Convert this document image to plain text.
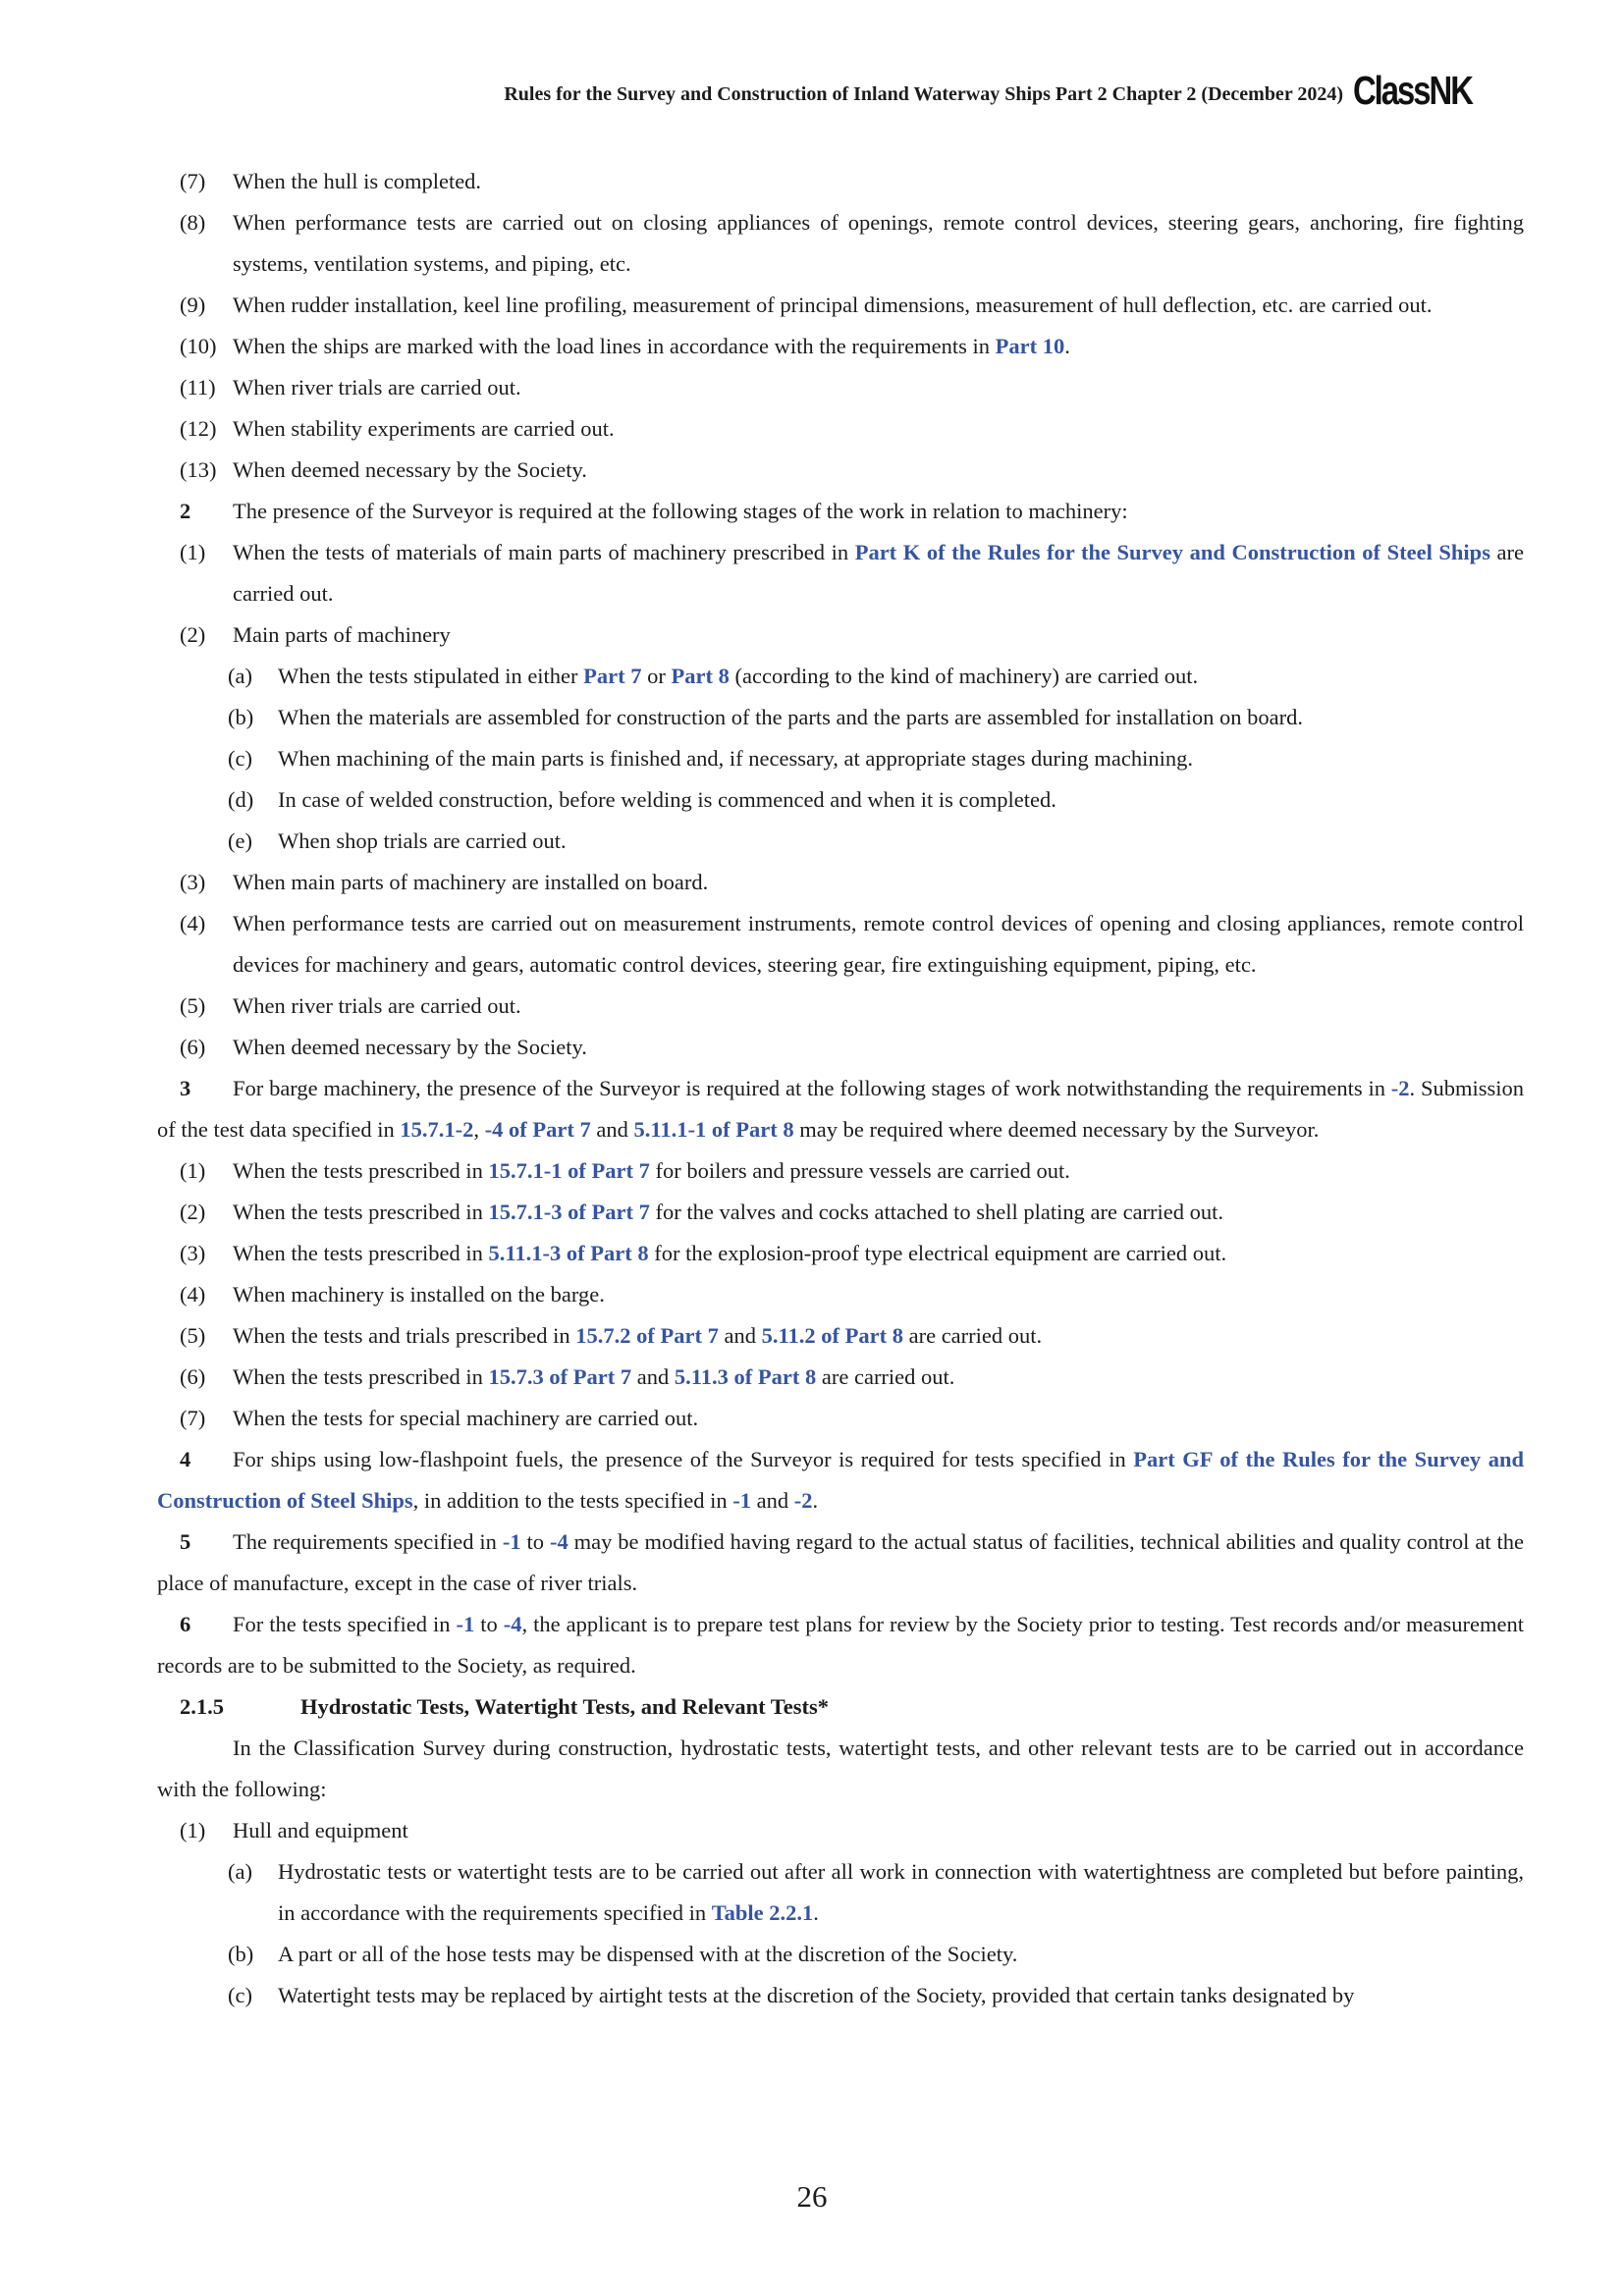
Rules for the Survey and Construction of Inland Waterway Ships Part 2 Chapter 2 (December 2024) ClassNK
(7) When the hull is completed.
(8) When performance tests are carried out on closing appliances of openings, remote control devices, steering gears, anchoring, fire fighting systems, ventilation systems, and piping, etc.
(9) When rudder installation, keel line profiling, measurement of principal dimensions, measurement of hull deflection, etc. are carried out.
(10) When the ships are marked with the load lines in accordance with the requirements in Part 10.
(11) When river trials are carried out.
(12) When stability experiments are carried out.
(13) When deemed necessary by the Society.
2 The presence of the Surveyor is required at the following stages of the work in relation to machinery:
(1) When the tests of materials of main parts of machinery prescribed in Part K of the Rules for the Survey and Construction of Steel Ships are carried out.
(2) Main parts of machinery
(a) When the tests stipulated in either Part 7 or Part 8 (according to the kind of machinery) are carried out.
(b) When the materials are assembled for construction of the parts and the parts are assembled for installation on board.
(c) When machining of the main parts is finished and, if necessary, at appropriate stages during machining.
(d) In case of welded construction, before welding is commenced and when it is completed.
(e) When shop trials are carried out.
(3) When main parts of machinery are installed on board.
(4) When performance tests are carried out on measurement instruments, remote control devices of opening and closing appliances, remote control devices for machinery and gears, automatic control devices, steering gear, fire extinguishing equipment, piping, etc.
(5) When river trials are carried out.
(6) When deemed necessary by the Society.
3 For barge machinery, the presence of the Surveyor is required at the following stages of work notwithstanding the requirements in -2. Submission of the test data specified in 15.7.1-2, -4 of Part 7 and 5.11.1-1 of Part 8 may be required where deemed necessary by the Surveyor.
(1) When the tests prescribed in 15.7.1-1 of Part 7 for boilers and pressure vessels are carried out.
(2) When the tests prescribed in 15.7.1-3 of Part 7 for the valves and cocks attached to shell plating are carried out.
(3) When the tests prescribed in 5.11.1-3 of Part 8 for the explosion-proof type electrical equipment are carried out.
(4) When machinery is installed on the barge.
(5) When the tests and trials prescribed in 15.7.2 of Part 7 and 5.11.2 of Part 8 are carried out.
(6) When the tests prescribed in 15.7.3 of Part 7 and 5.11.3 of Part 8 are carried out.
(7) When the tests for special machinery are carried out.
4 For ships using low-flashpoint fuels, the presence of the Surveyor is required for tests specified in Part GF of the Rules for the Survey and Construction of Steel Ships, in addition to the tests specified in -1 and -2.
5 The requirements specified in -1 to -4 may be modified having regard to the actual status of facilities, technical abilities and quality control at the place of manufacture, except in the case of river trials.
6 For the tests specified in -1 to -4, the applicant is to prepare test plans for review by the Society prior to testing. Test records and/or measurement records are to be submitted to the Society, as required.
2.1.5	Hydrostatic Tests, Watertight Tests, and Relevant Tests*
In the Classification Survey during construction, hydrostatic tests, watertight tests, and other relevant tests are to be carried out in accordance with the following:
(1) Hull and equipment
(a) Hydrostatic tests or watertight tests are to be carried out after all work in connection with watertightness are completed but before painting, in accordance with the requirements specified in Table 2.2.1.
(b) A part or all of the hose tests may be dispensed with at the discretion of the Society.
(c) Watertight tests may be replaced by airtight tests at the discretion of the Society, provided that certain tanks designated by
26
